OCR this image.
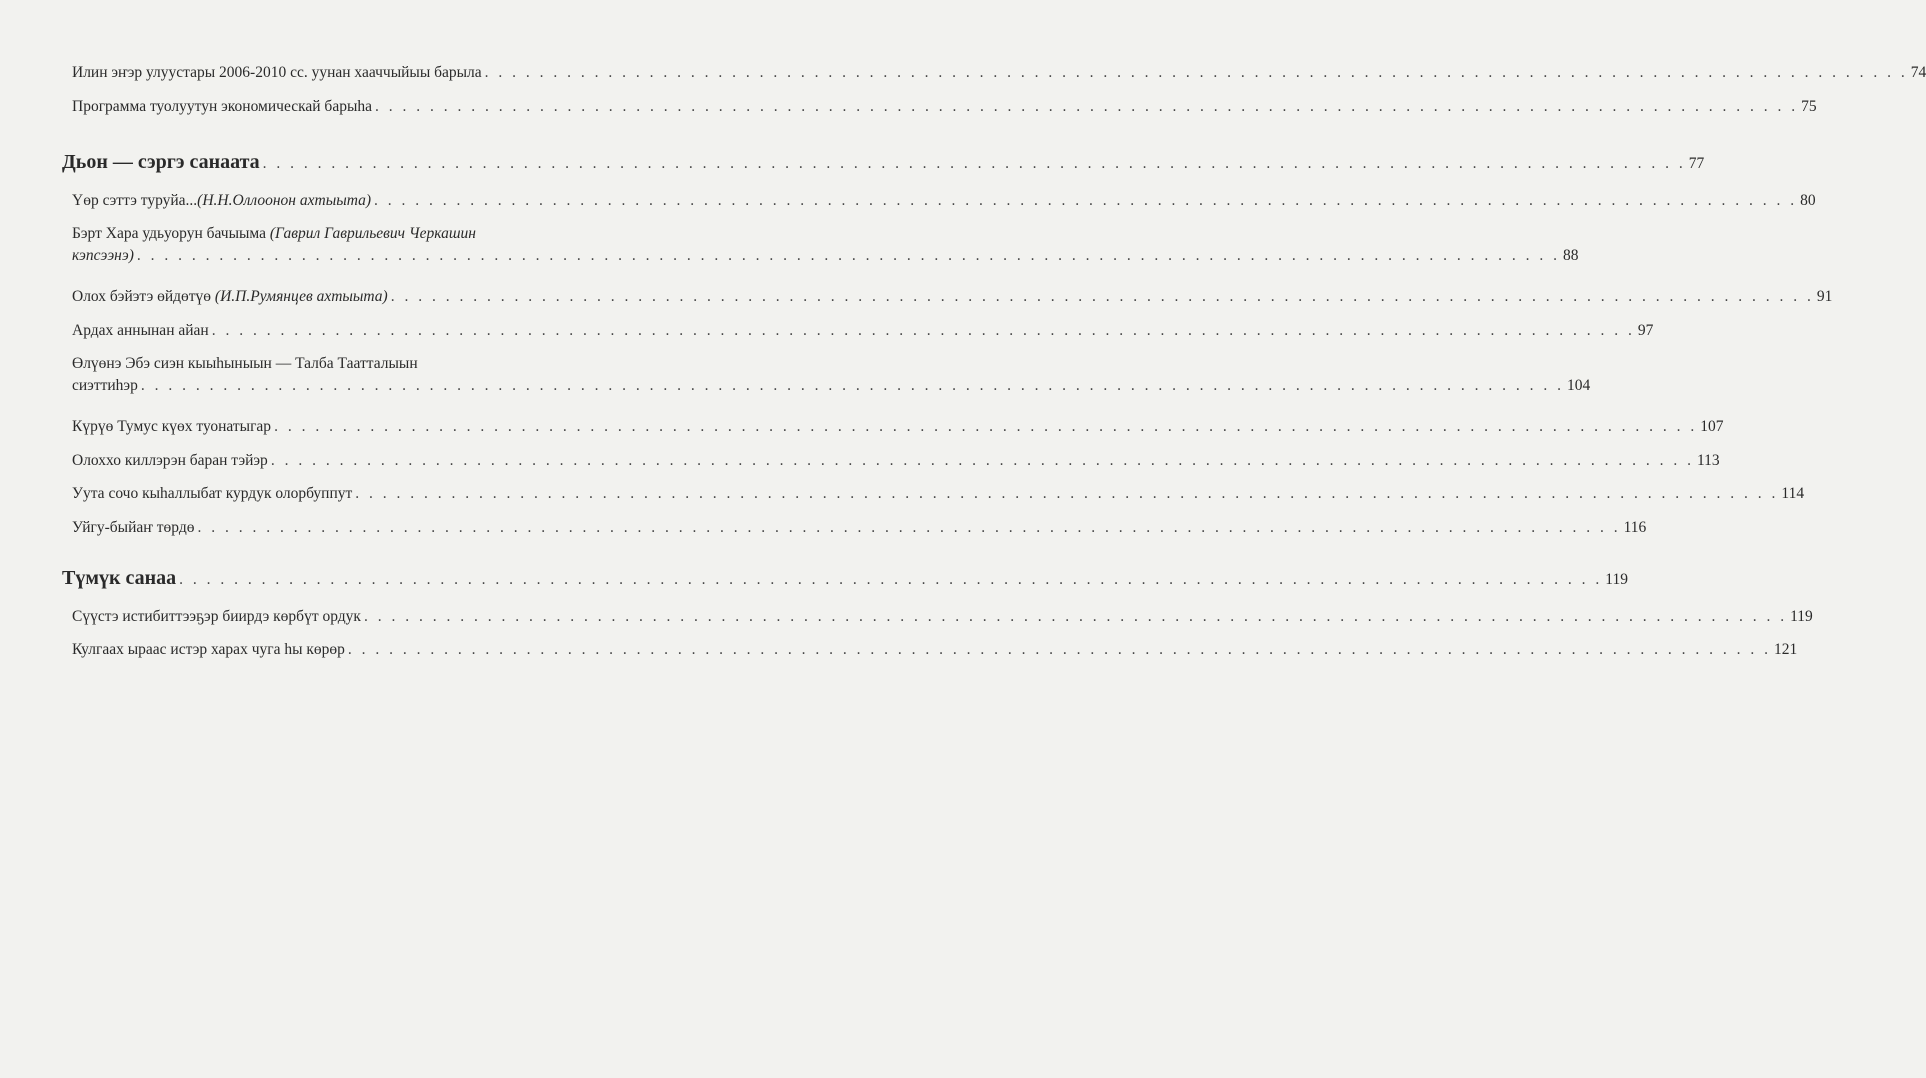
Илин эҥэр улуустары 2006-2010 сс. уунан хааччыйыы барыла . . .	74
Программа туолуутун экономическай барыһа . . .	75
Дьон — сэргэ санаата . . .	77
Үөр сэттэ туруйа...(Н.Н.Оллоонон ахтыыта) . . .	80
Бэрт Хара удьуорун бачыыма (Гаврил Гаврильевич Черкашин
кэпсээнэ) . . .	88
Олох бэйэтэ өйдөтүө (И.П.Румянцев ахтыыта) . . .	91
Ардах аннынан айан . . .	97
Өлүөнэ Эбэ сиэн кыыһыныын — Талба Таатталыын
сиэттиһэр . . .	104
Күрүө Тумус күөх туонатыгар . . .	107
Олоххо киллэрэн баран тэйэр . . .	113
Уута сочо кыһаллыбат курдук олорбуппут . . .	114
Уйгу-быйаҥ төрдө . . .	116
Түмүк санаа . . .	119
Сүүстэ истибиттээҕэр биирдэ көрбүт ордук . . .	119
Кулгаах ыраас истэр харах чуга һы көрөр . . .	121
